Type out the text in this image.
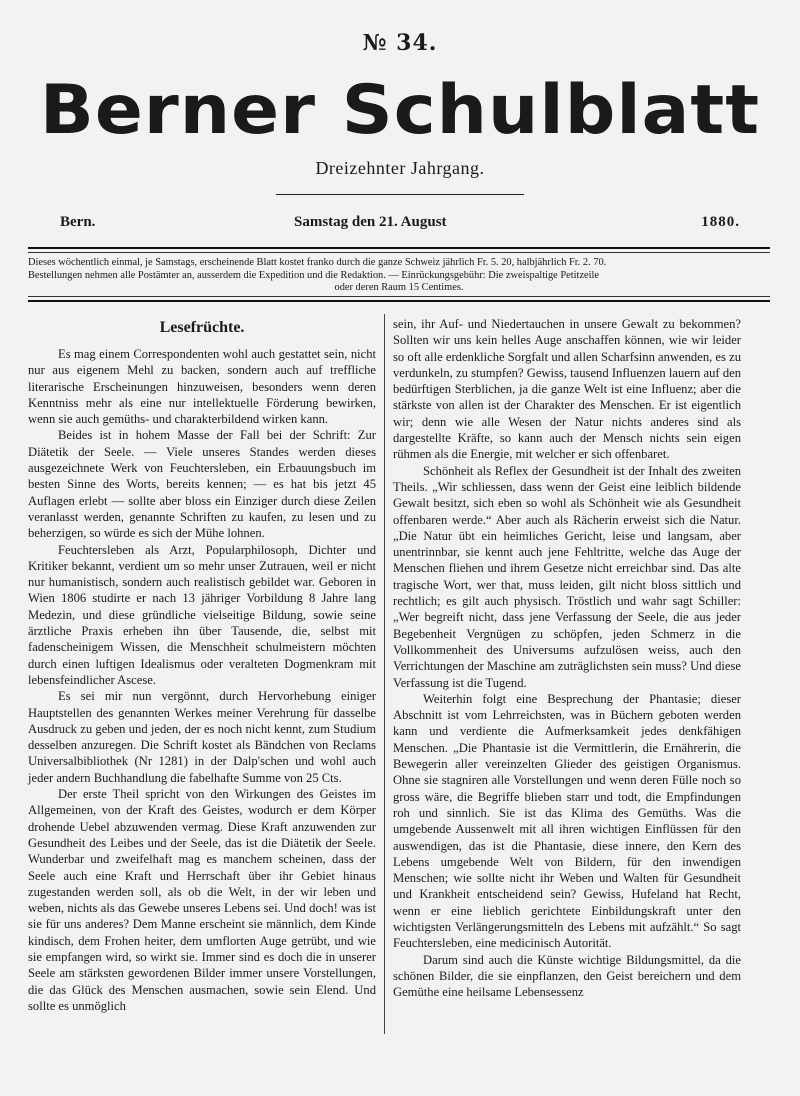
№ 34.
Berner Schulblatt
Dreizehnter Jahrgang.
Bern.	Samstag den 21. August	1880.
Dieses wöchentlich einmal, je Samstags, erscheinende Blatt kostet franko durch die ganze Schweiz jährlich Fr. 5. 20, halbjährlich Fr. 2. 70.
Bestellungen nehmen alle Postämter an, ausserdem die Expedition und die Redaktion. — Einrückungsgebühr: Die zweispaltige Petitzeile
oder deren Raum 15 Centimes.
Lesefrüchte.

Es mag einem Correspondenten wohl auch gestattet sein, nicht nur aus eigenem Mehl zu backen, sondern auch auf treffliche literarische Erscheinungen hinzuweisen, besonders wenn deren Kenntniss mehr als eine nur intellektuelle Förderung bewirken, wenn sie auch gemüths- und charakterbildend wirken kann.

Beides ist in hohem Masse der Fall bei der Schrift: Zur Diätetik der Seele. — Viele unseres Standes werden dieses ausgezeichnete Werk von Feuchtersleben, ein Erbauungsbuch im besten Sinne des Worts, bereits kennen; — es hat bis jetzt 45 Auflagen erlebt — sollte aber bloss ein Einziger durch diese Zeilen veranlasst werden, genannte Schriften zu kaufen, zu lesen und zu beherzigen, so würde es sich der Mühe lohnen.

Feuchtersleben als Arzt, Popularphilosoph, Dichter und Kritiker bekannt, verdient um so mehr unser Zutrauen, weil er nicht nur humanistisch, sondern auch realistisch gebildet war. Geboren in Wien 1806 studirte er nach 13 jähriger Vorbildung 8 Jahre lang Medezin, und diese gründliche vielseitige Bildung, sowie seine ärztliche Praxis erheben ihn über Tausende, die, selbst mit fadenscheinigem Wissen, die Menschheit schulmeistern möchten durch einen luftigen Idealismus oder veralteten Dogmenkram mit lebensfeindlicher Ascese.

Es sei mir nun vergönnt, durch Hervorhebung einiger Hauptstellen des genannten Werkes meiner Verehrung für dasselbe Ausdruck zu geben und jeden, der es noch nicht kennt, zum Studium desselben anzuregen. Die Schrift kostet als Bändchen von Reclams Universalbibliothek (Nr 1281) in der Dalp'schen und wohl auch jeder andern Buchhandlung die fabelhafte Summe von 25 Cts.

Der erste Theil spricht von den Wirkungen des Geistes im Allgemeinen, von der Kraft des Geistes, wodurch er dem Körper drohende Uebel abzuwenden vermag. Diese Kraft anzuwenden zur Gesundheit des Leibes und der Seele, das ist die Diätetik der Seele. Wunderbar und zweifelhaft mag es manchem scheinen, dass der Seele auch eine Kraft und Herrschaft über ihr Gebiet hinaus zugestanden werden soll, als ob die Welt, in der wir leben und weben, nichts als das Gewebe unseres Lebens sei. Und doch! was ist sie für uns anderes? Dem Manne erscheint sie männlich, dem Kinde kindisch, dem Frohen heiter, dem umflorten Auge getrübt, und wie sie empfangen wird, so wirkt sie. Immer sind es doch die in unserer Seele am stärksten gewordenen Bilder immer unsere Vorstellungen, die das Glück des Menschen ausmachen, sowie sein Elend. Und sollte es unmöglich

sein, ihr Auf- und Niedertauchen in unsere Gewalt zu bekommen? Sollten wir uns kein helles Auge anschaffen können, wie wir leider so oft alle erdenkliche Sorgfalt und allen Scharfsinn anwenden, es zu verdunkeln, zu stumpfen? Gewiss, tausend Influenzen lauern auf den bedürftigen Sterblichen, ja die ganze Welt ist eine Influenz; aber die stärkste von allen ist der Charakter des Menschen. Er ist eigentlich wir; denn wie alle Wesen der Natur nichts anderes sind als dargestellte Kräfte, so kann auch der Mensch nichts sein eigen rühmen als die Energie, mit welcher er sich offenbaret.

Schönheit als Reflex der Gesundheit ist der Inhalt des zweiten Theils. „Wir schliessen, dass wenn der Geist eine leiblich bildende Gewalt besitzt, sich eben so wohl als Schönheit wie als Gesundheit offenbaren werde.“ Aber auch als Rächerin erweist sich die Natur. „Die Natur übt ein heimliches Gericht, leise und langsam, aber unentrinnbar, sie kennt auch jene Fehltritte, welche das Auge der Menschen fliehen und ihrem Gesetze nicht erreichbar sind. Das alte tragische Wort, wer that, muss leiden, gilt nicht bloss sittlich und rechtlich; es gilt auch physisch. Tröstlich und wahr sagt Schiller: „Wer begreift nicht, dass jene Verfassung der Seele, die aus jeder Begebenheit Vergnügen zu schöpfen, jeden Schmerz in die Vollkommenheit des Universums aufzulösen weiss, auch den Verrichtungen der Maschine am zuträglichsten sein muss? Und diese Verfassung ist die Tugend.

Weiterhin folgt eine Besprechung der Phantasie; dieser Abschnitt ist vom Lehrreichsten, was in Büchern geboten werden kann und verdiente die Aufmerksamkeit jedes denkfähigen Menschen. „Die Phantasie ist die Vermittlerin, die Ernährerin, die Bewegerin aller vereinzelten Glieder des geistigen Organismus. Ohne sie stagniren alle Vorstellungen und wenn deren Fülle noch so gross wäre, die Begriffe blieben starr und todt, die Empfindungen roh und sinnlich. Sie ist das Klima des Gemüths. Was die umgebende Aussenwelt mit all ihren wichtigen Einflüssen für den auswendigen, das ist die Phantasie, diese innere, den Kern des Lebens umgebende Welt von Bildern, für den inwendigen Menschen; wie sollte nicht ihr Weben und Walten für Gesundheit und Krankheit entscheidend sein? Gewiss, Hufeland hat Recht, wenn er eine lieblich gerichtete Einbildungskraft unter den wichtigsten Verlängerungsmitteln des Lebens mit aufzählt.“ So sagt Feuchtersleben, eine medicinisch Autorität.

Darum sind auch die Künste wichtige Bildungsmittel, da die schönen Bilder, die sie einpflanzen, den Geist bereichern und dem Gemüthe eine heilsame Lebensessenz
